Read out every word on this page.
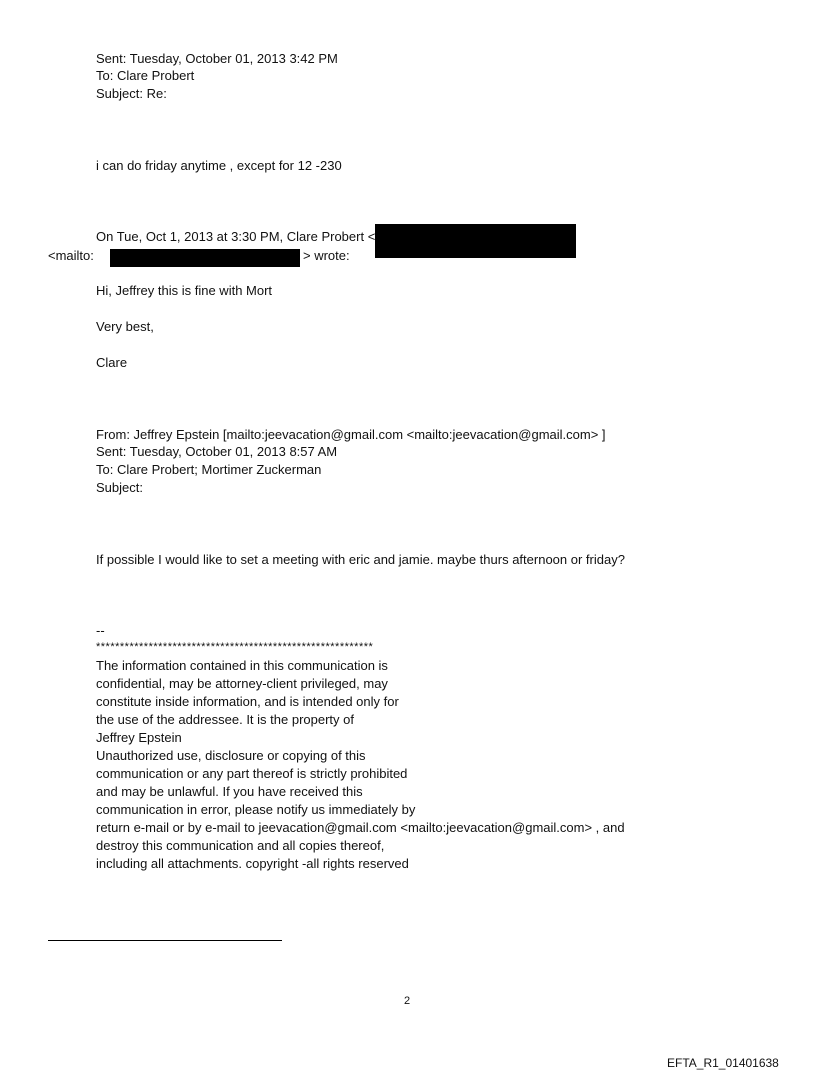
Sent: Tuesday, October 01, 2013 3:42 PM
To: Clare Probert
Subject: Re:
i can do friday anytime , except for 12 -230
On Tue, Oct 1, 2013 at 3:30 PM, Clare Probert <
<mailto:	> wrote:
Hi, Jeffrey this is fine with Mort
Very best,
Clare
From: Jeffrey Epstein [mailto:jeevacation@gmail.com <mailto:jeevacation@gmail.com> ]
Sent: Tuesday, October 01, 2013 8:57 AM
To: Clare Probert; Mortimer Zuckerman
Subject:
If possible I would like to set a meeting with eric and jamie. maybe thurs afternoon or friday?
--
**********************************************************
The information contained in this communication is
confidential, may be attorney-client privileged, may
constitute inside information, and is intended only for
the use of the addressee. It is the property of
Jeffrey Epstein
Unauthorized use, disclosure or copying of this
communication or any part thereof is strictly prohibited
and may be unlawful. If you have received this
communication in error, please notify us immediately by
return e-mail or by e-mail to jeevacation@gmail.com <mailto:jeevacation@gmail.com> , and
destroy this communication and all copies thereof,
including all attachments. copyright -all rights reserved
2
EFTA_R1_01401638
